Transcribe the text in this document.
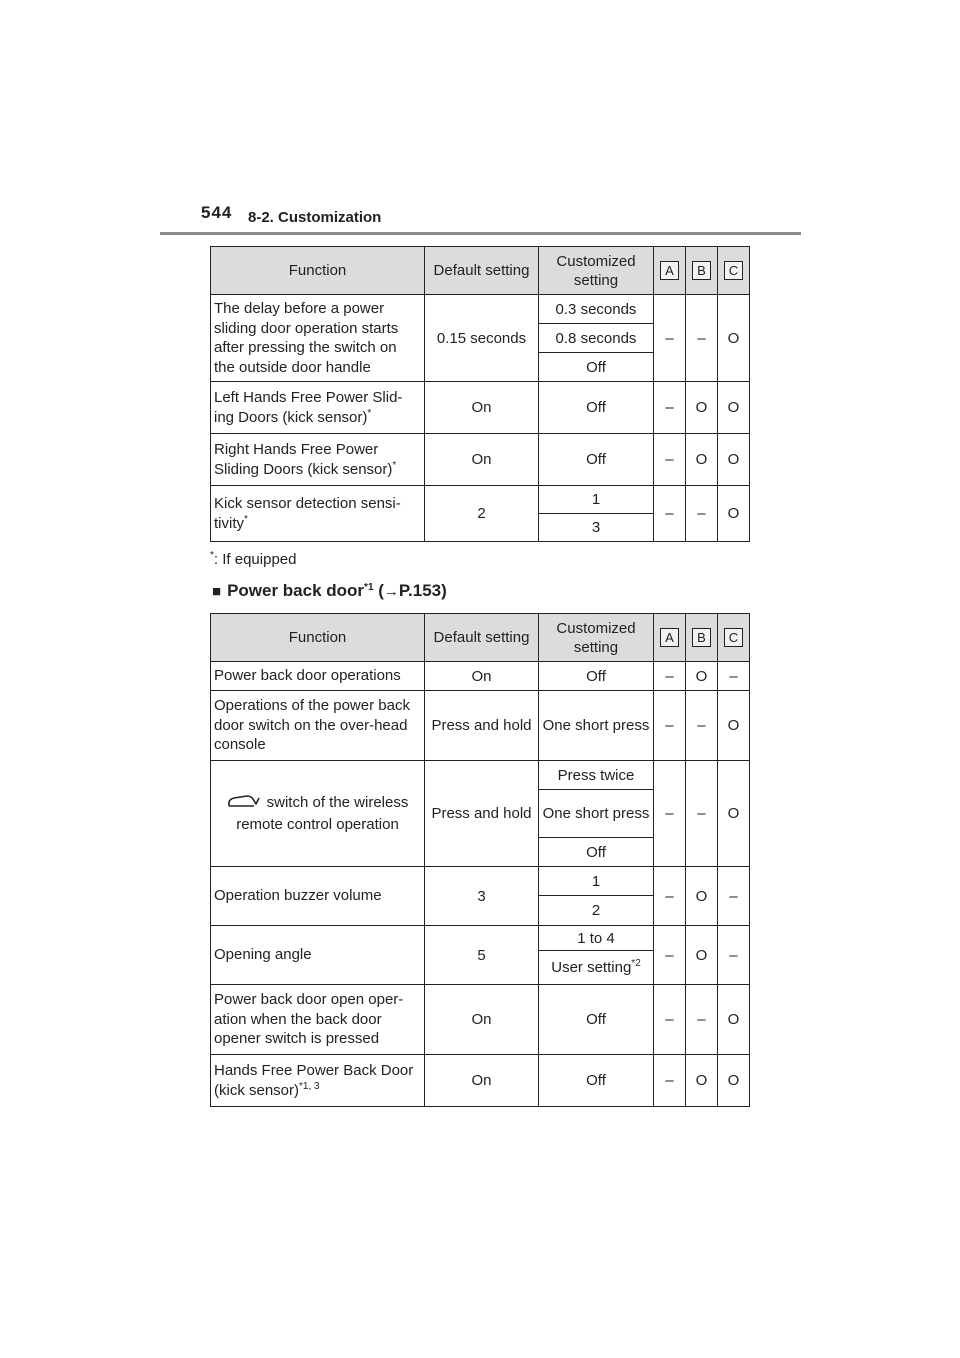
544 8-2. Customization
Function	Default setting	Customized setting	A	B	C
The delay before a power sliding door operation starts after pressing the switch on the outside door handle	0.15 seconds	0.3 seconds	–	–	O
		0.8 seconds			
		Off			
Left Hands Free Power Slid-ing Doors (kick sensor)*	On	Off	–	O	O
Right Hands Free Power Sliding Doors (kick sensor)*	On	Off	–	O	O
Kick sensor detection sensi-tivity*	2	1	–	–	O
		3			
*: If equipped
■ Power back door$^{*1}$ (→P.153)
Function	Default setting	Customized setting	A	B	C
Power back door operations	On	Off	–	O	–
Operations of the power back door switch on the over-head console	Press and hold	One short press	–	–	O
switch of the wireless remote control operation	Press and hold	Press twice	–	–	O
		One short press			
		Off			
Operation buzzer volume	3	1	–	O	–
		2			
Opening angle	5	1 to 4	–	O	–
		User setting$^{*2}$
Power back door open oper-ation when the back door opener switch is pressed	On	Off	–	–	O
Hands Free Power Back Door (kick sensor)$^{*1, 3}$	On	Off	–	O	O
